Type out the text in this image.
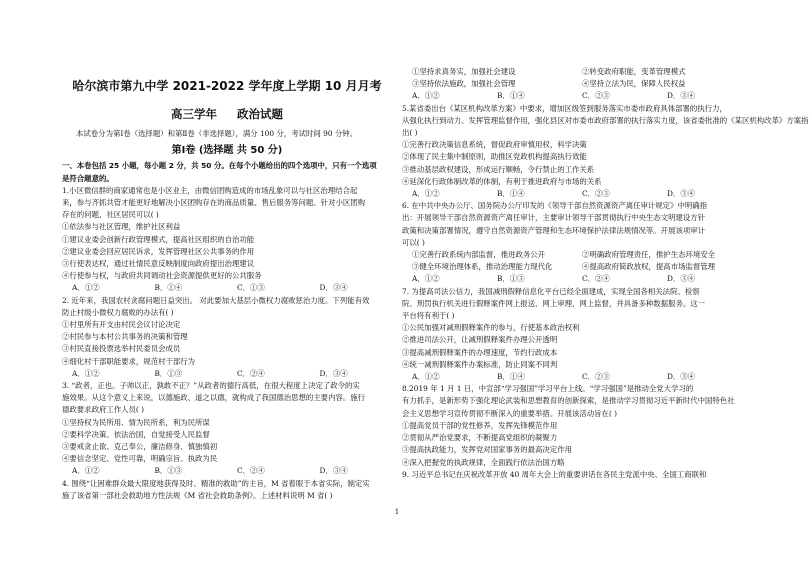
哈尔滨市第九中学 2021-2022 学年度上学期 10 月月考
高三学年 政治试题
本试卷分为第Ⅰ卷（选择题）和第Ⅱ卷（非选择题），满分 100 分，考试时间 90 分钟。
第Ⅰ卷 (选择题 共 50 分)
一、本卷包括 25 小题，每小题 2 分，共 50 分。在每个小题给出的四个选项中，只有一个选项
是符合题意的。
1.小区微信群的商家通常也是小区业主，由微信团购造成的市场乱象可以与社区治理结合起
来，参与齐抓共管才能更好地解决小区团购存在的商品质量、售后服务等问题。针对小区团购
存在的问题，社区居民可以( )
①依法参与社区管理，维护社区利益
①建议业委会创新行政管理模式，提高社区组织的自治功能
②建议业委会回应居民诉求，发挥管理社区公共事务的作用
③行使表达权，通过社情民意反映制度向政府提出治理建议
④行使参与权，与政府共同调动社会资源提供更好的公共服务
A．①②	B．①④	C．①③	D．③④
2. 近年来，我国农村贪腐问题日益突出。 对此要加大基层小微权力腐败惩治力度。下列能有效
防止村级小微权力腐败的办法有( )
①村里所有开支由村民会议讨论决定
②村民参与本村公共事务的决策和管理
③村民直接投票选举村民委员会成员
④细化村干部职能要求，规范村干部行为
A．①②	B．①③	C．②④	D．③④
3. “政者，正也。子帅以正，孰敢不正？”从政者的德行高低，在很大程度上决定了政令的实
施效果。从这个意义上来说，以德施政、道之以德，就构成了我国德治思想的主要内容。施行
德政要求政府工作人员( )
①坚持权为民所用、情为民所系，利为民所谋
②要科学决策、依法治国，自觉接受人民监督
③要戒贪止欲、克己奉公，廉洁修身、慎独慎初
④要信念坚定、党性可靠，明确宗旨、执政为民
A．①②	B．①③	C．②④	D．③④
4. 围绕“让困难群众最大限度地获得及时、精准的救助”的主旨，M 省着眼于本省实际，制定实
施了该省第一部社会救助地方性法规《M 省社会救助条例》。上述材料说明 M 省( )
①坚持求真务实，加强社会建设	②转变政府职能，变革管理模式
③坚持依法施政，加强社会管理	④坚持立法为民，保障人民权益
A．①②	B．①④	C．②③	D．③④
5.某省委出台《某区机构改革方案》中要求，增加区级签到服务落实市委市政府具体部署的执行力，
从强化执行到动力、发挥管理监督作用，强化县区对市委市政府部署的执行落实力度，该省委批准的《某区机构改革》方案指
出( )
①完善行政决策信息系统，督促政府审慎用权，科学决策
②体现了民主集中制原则，助推区党政机构提高执行效能
③推动基层政权建设，形成运行顺畅，令行禁止的工作关系
④延深化行政体制改革的体制，有利于推进政府与市场的关系
A．①②	B．①④	C．②③	D．③④
6. 在中共中央办公厅、国务院办公厅印发的《领导干部自然资源资产离任审计规定》中明确指
出：开展领导干部自然资源资产离任审计，主要审计领导干部贯彻执行中央生态文明建设方针
政策和决策部署情况，遵守自然资源资产管理和生态环境保护法律法规情况等。开展该项审计
可以( )
①完善行政系统内部监督，推进政务公开	②明确政府管理责任，推护生态环境安全
③健全环境治理体系，推动治理能力现代化	④提高政府简政放权，提高市场监督管理
A．①②	B．①③	C．②④	D．③④
7. 为提高司法公信力，我国减刑假释信息化平台已经全面建成，实现全国各相关法院、检察
院、刑罚执行机关进行假释案件网上报送、网上审理、网上监督，并具备多种数据服务。这一
平台将有利于( )
①公民加强对减刑假释案件的参与，行使基本政治权利
②推进司法公开，让减刑假释案件办理公开透明
③提高减刑假释案件的办理速度，节约行政成本
④统一减刑假释案件办案标准，防止同案不同判
A．①②	B．①④	C．②③	D．③④
8.2019 年 1 月 1 日，中宣部“学习强国”学习平台上线。“学习强国”是推动全党大学习的
有力抓手，是新形势下强化理论武装和思想教育的创新探索，是推动学习贯彻习近平新时代中国特色社
会主义思想学习宣传贯彻不断深入的重要举措。开展该活动旨在( )
①提高党员干部的党性修养，发挥先锋模范作用
②贯彻从严治党要求，不断提高党组织的凝聚力
③提高执政能力，发挥党对国家事务的最高决定作用
④深入把握党的执政规律，全面践行依法治国方略
9. 习近平总书记在庆祝改革开放 40 周年大会上的重要讲话在各民主党派中央、全国工商联和
1
